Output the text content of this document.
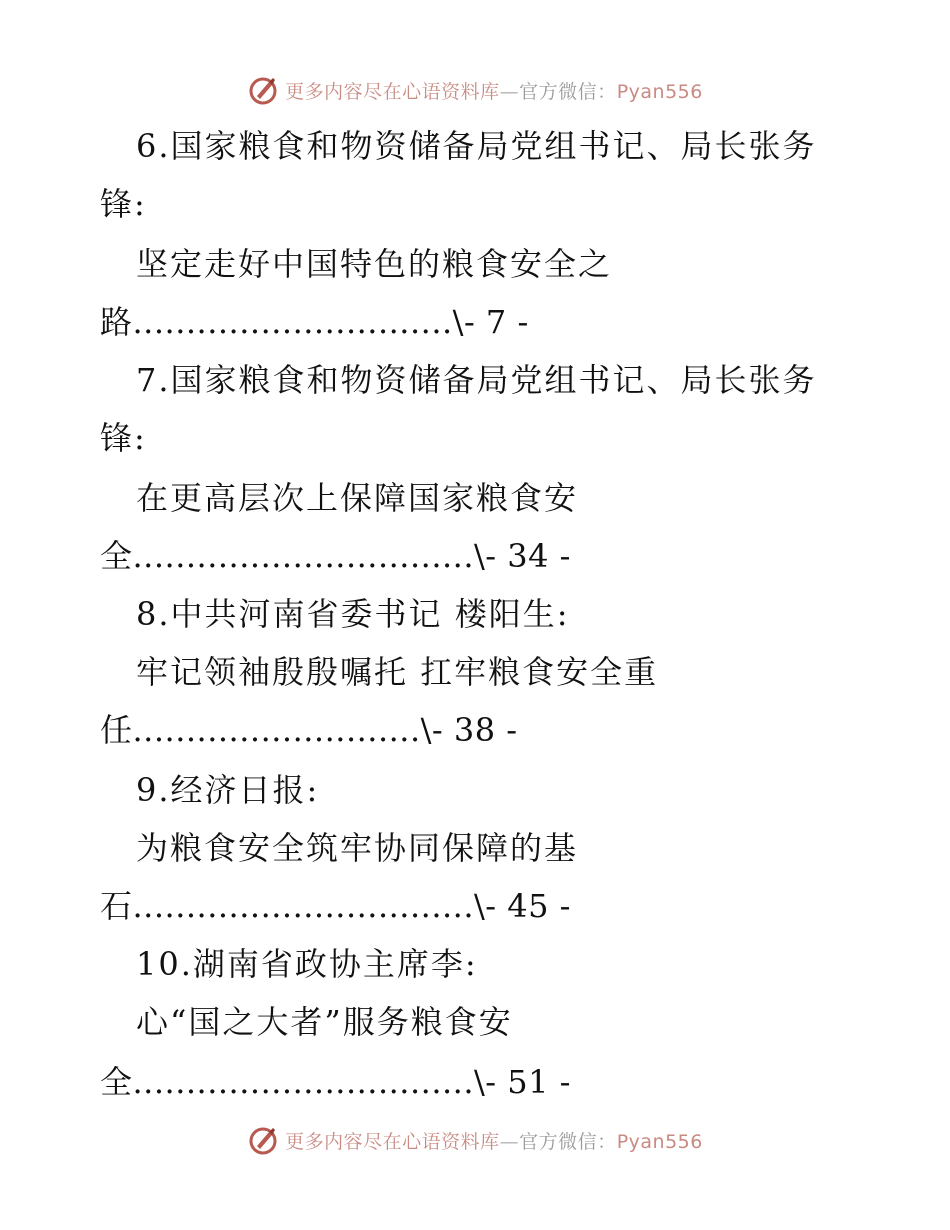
更多内容尽在心语资料库—官方微信：Pyan556
6.国家粮食和物资储备局党组书记、局长张务
锋:
坚定走好中国特色的粮食安全之
路..............................\- 7 -
7.国家粮食和物资储备局党组书记、局长张务
锋:
在更高层次上保障国家粮食安
全................................\- 34 -
8.中共河南省委书记 楼阳生:
牢记领袖殷殷嘱托 扛牢粮食安全重
任...........................\- 38 -
9.经济日报:
为粮食安全筑牢协同保障的基
石................................\- 45 -
10.湖南省政协主席李:
心“国之大者”服务粮食安
全................................\- 51 -
更多内容尽在心语资料库—官方微信：Pyan556
